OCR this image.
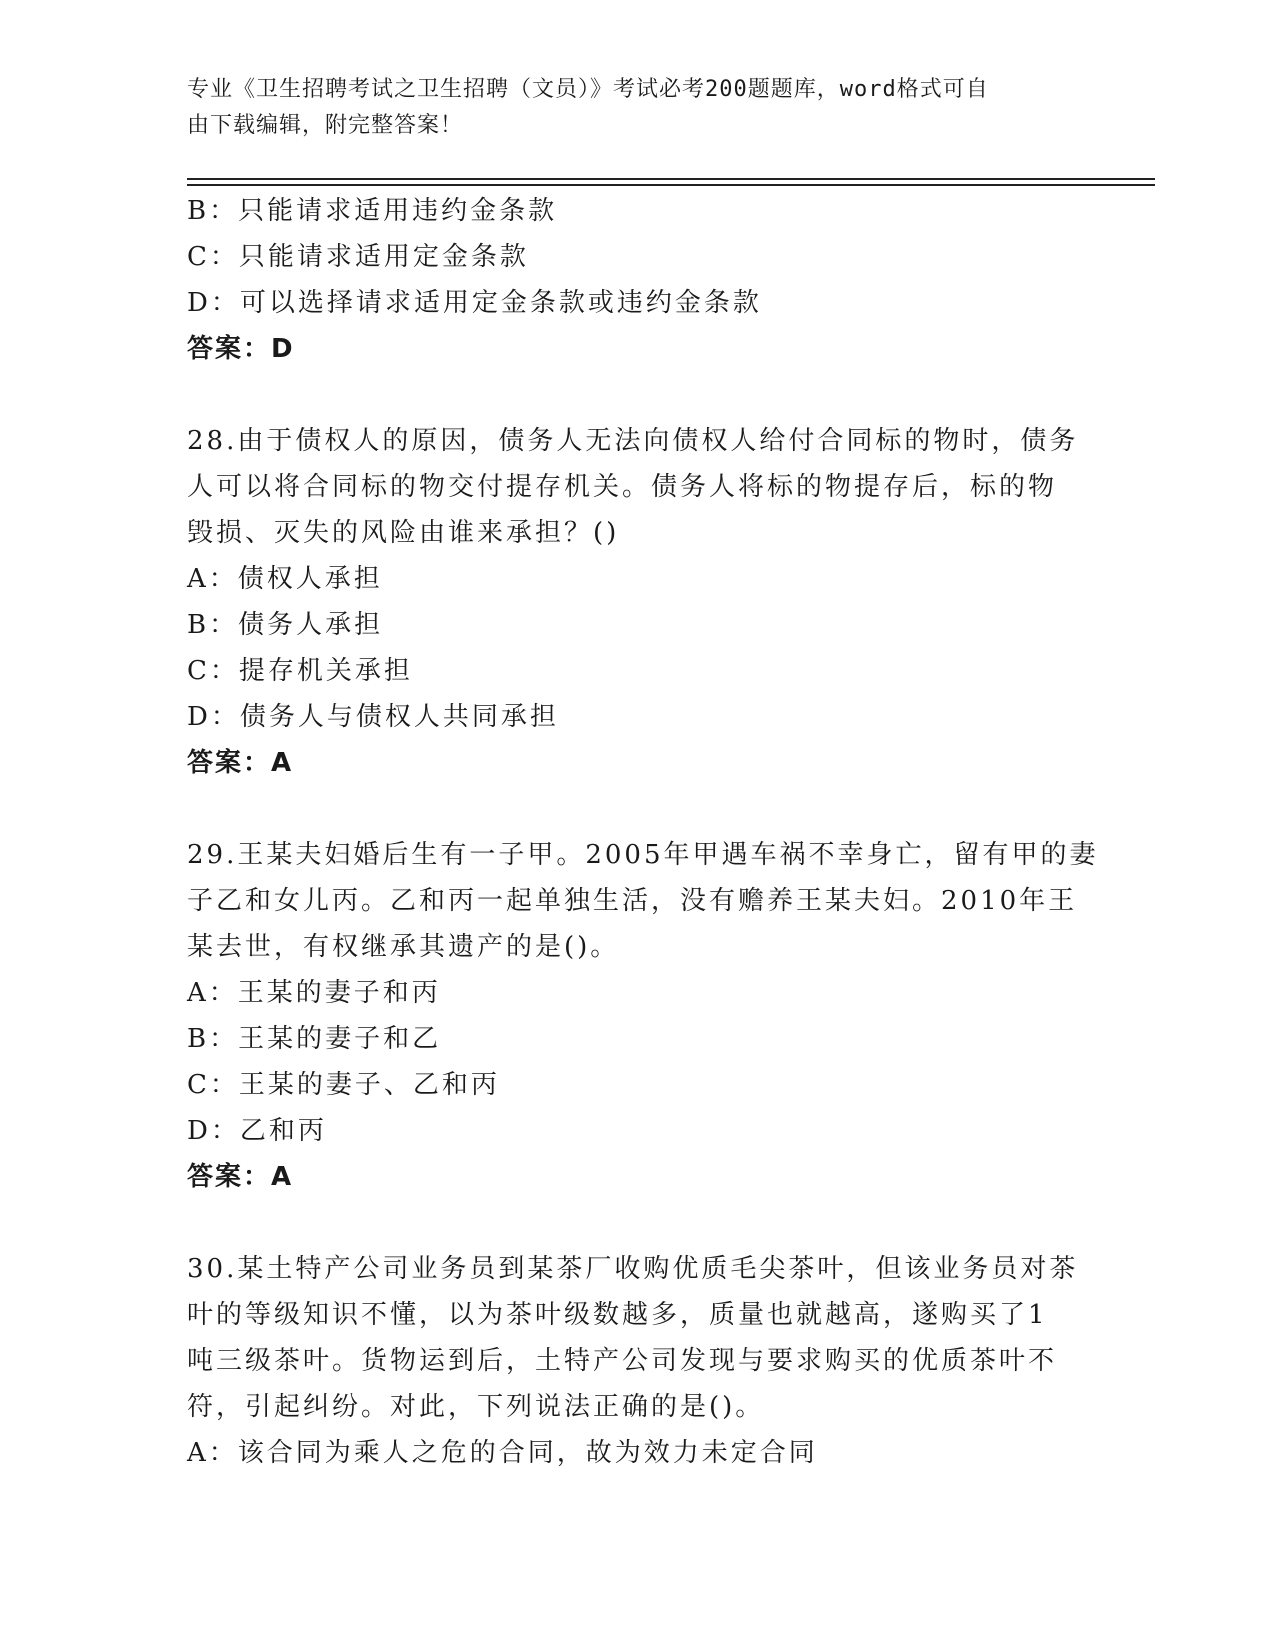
专业《卫生招聘考试之卫生招聘（文员）》考试必考200题题库，word格式可自
由下载编辑，附完整答案！
B：只能请求适用违约金条款
C：只能请求适用定金条款
D：可以选择请求适用定金条款或违约金条款
答案：D
28.由于债权人的原因，债务人无法向债权人给付合同标的物时，债务
人可以将合同标的物交付提存机关。债务人将标的物提存后，标的物
毁损、灭失的风险由谁来承担？()
A：债权人承担
B：债务人承担
C：提存机关承担
D：债务人与债权人共同承担
答案：A
29.王某夫妇婚后生有一子甲。2005年甲遇车祸不幸身亡，留有甲的妻
子乙和女儿丙。乙和丙一起单独生活，没有赡养王某夫妇。2010年王
某去世，有权继承其遗产的是()。
A：王某的妻子和丙
B：王某的妻子和乙
C：王某的妻子、乙和丙
D：乙和丙
答案：A
30.某土特产公司业务员到某茶厂收购优质毛尖茶叶，但该业务员对茶
叶的等级知识不懂，以为茶叶级数越多，质量也就越高，遂购买了1
吨三级茶叶。货物运到后，土特产公司发现与要求购买的优质茶叶不
符，引起纠纷。对此，下列说法正确的是()。
A：该合同为乘人之危的合同，故为效力未定合同
